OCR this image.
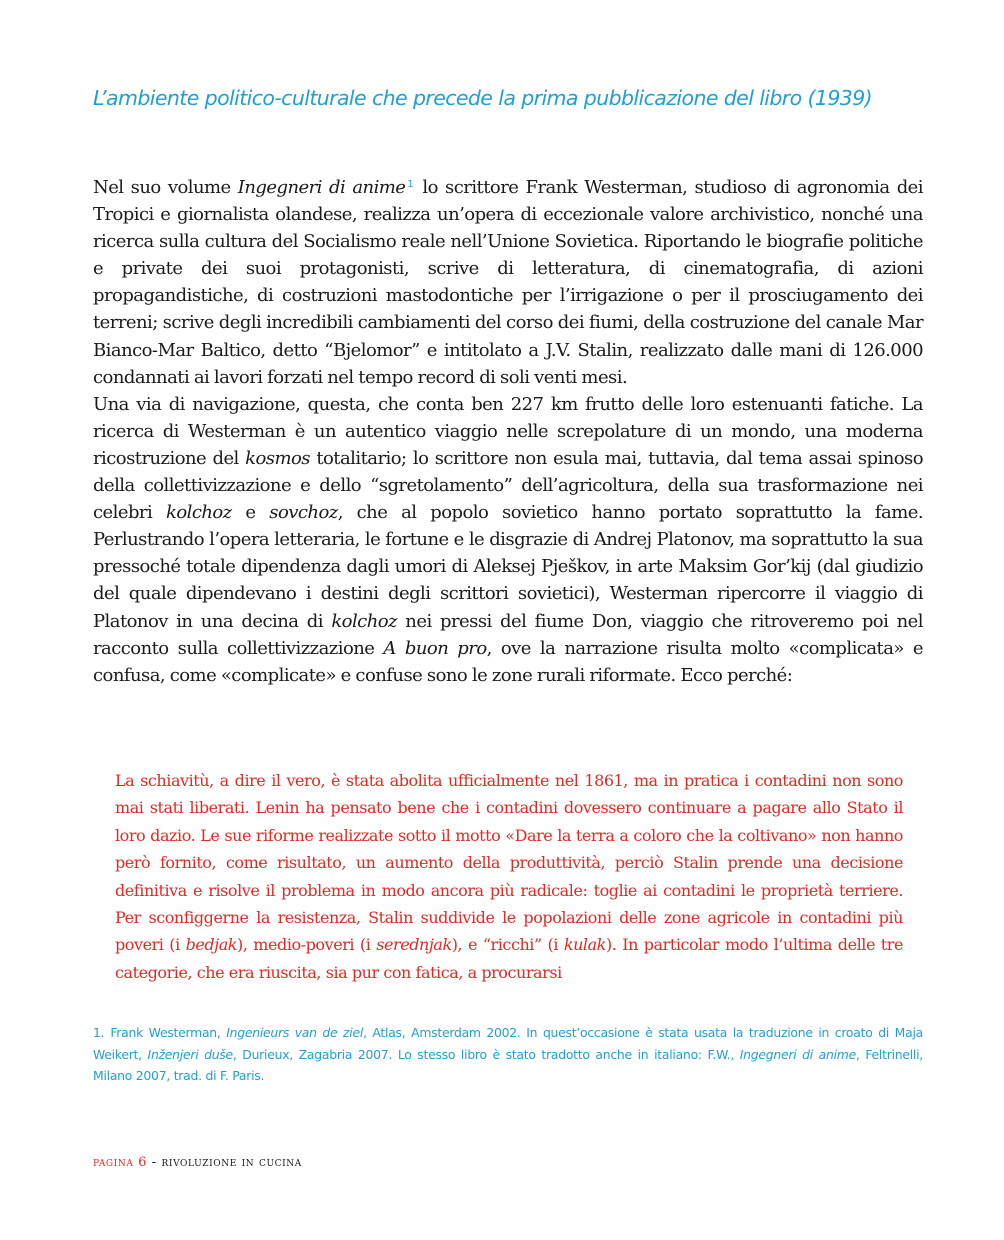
L’ambiente politico-culturale che precede la prima pubblicazione del libro (1939)

Nel suo volume Ingegneri di anime $^1$ lo scrittore Frank Westerman, studioso di agronomia dei Tropici e giornalista olandese, realizza un’opera di eccezionale valore archivistico, nonché una ricerca sulla cultura del Socialismo reale nell’Unione Sovietica. Riportando le biografie politiche e private dei suoi protagonisti, scrive di letteratura, di cinematografia, di azioni propagandistiche, di costruzioni mastodontiche per l’irrigazione o per il prosciugamento dei terreni; scrive degli incredibili cambiamenti del corso dei fiumi, della costruzione del canale Mar Bianco-Mar Baltico, detto “Bjelomor” e intitolato a J.V. Stalin, realizzato dalle mani di 126.000 condannati ai lavori forzati nel tempo record di soli venti mesi.

Una via di navigazione, questa, che conta ben 227 km frutto delle loro estenuanti fatiche. La ricerca di Westerman è un autentico viaggio nelle screpolature di un mondo, una moderna ricostruzione del kosmos totalitario; lo scrittore non esula mai, tuttavia, dal tema assai spinoso della collettivizzazione e dello “sgretolamento” dell’agricoltura, della sua trasformazione nei celebri kolchoz e sovchoz, che al popolo sovietico hanno portato soprattutto la fame. Perlustrando l’opera letteraria, le fortune e le disgrazie di Andrej Platonov, ma soprattutto la sua pressoché totale dipendenza dagli umori di Aleksej Pješkov, in arte Maksim Gor’kij (dal giudizio del quale dipendevano i destini degli scrittori sovietici), Westerman ripercorre il viaggio di Platonov in una decina di kolchoz nei pressi del fiume Don, viaggio che ritroveremo poi nel racconto sulla collettivizzazione A buon pro, ove la narrazione risulta molto «complicata» e confusa, come «complicate» e confuse sono le zone rurali riformate. Ecco perché:

La schiavitù, a dire il vero, è stata abolita ufficialmente nel 1861, ma in pratica i contadini non sono mai stati liberati. Lenin ha pensato bene che i contadini dovessero continuare a pagare allo Stato il loro dazio. Le sue riforme realizzate sotto il motto «Dare la terra a coloro che la coltivano» non hanno però fornito, come risultato, un aumento della produttività, perciò Stalin prende una decisione definitiva e risolve il problema in modo ancora più radicale: toglie ai contadini le proprietà terriere. Per sconfiggerne la resistenza, Stalin suddivide le popolazioni delle zone agricole in contadini più poveri (i bedjak), medio-poveri (i serednjak), e “ricchi” (i kulak). In particolar modo l’ultima delle tre categorie, che era riuscita, sia pur con fatica, a procurarsi

1. Frank Westerman, Ingenieurs van de ziel, Atlas, Amsterdam 2002. In quest’occasione è stata usata la traduzione in croato di Maja Weikert, Inženjeri duše, Durieux, Zagabria 2007. Lo stesso libro è stato tradotto anche in italiano: F.W., Ingegneri di anime, Feltrinelli, Milano 2007, trad. di F. Paris.

pagina 6 - rivoluzione in cucina
